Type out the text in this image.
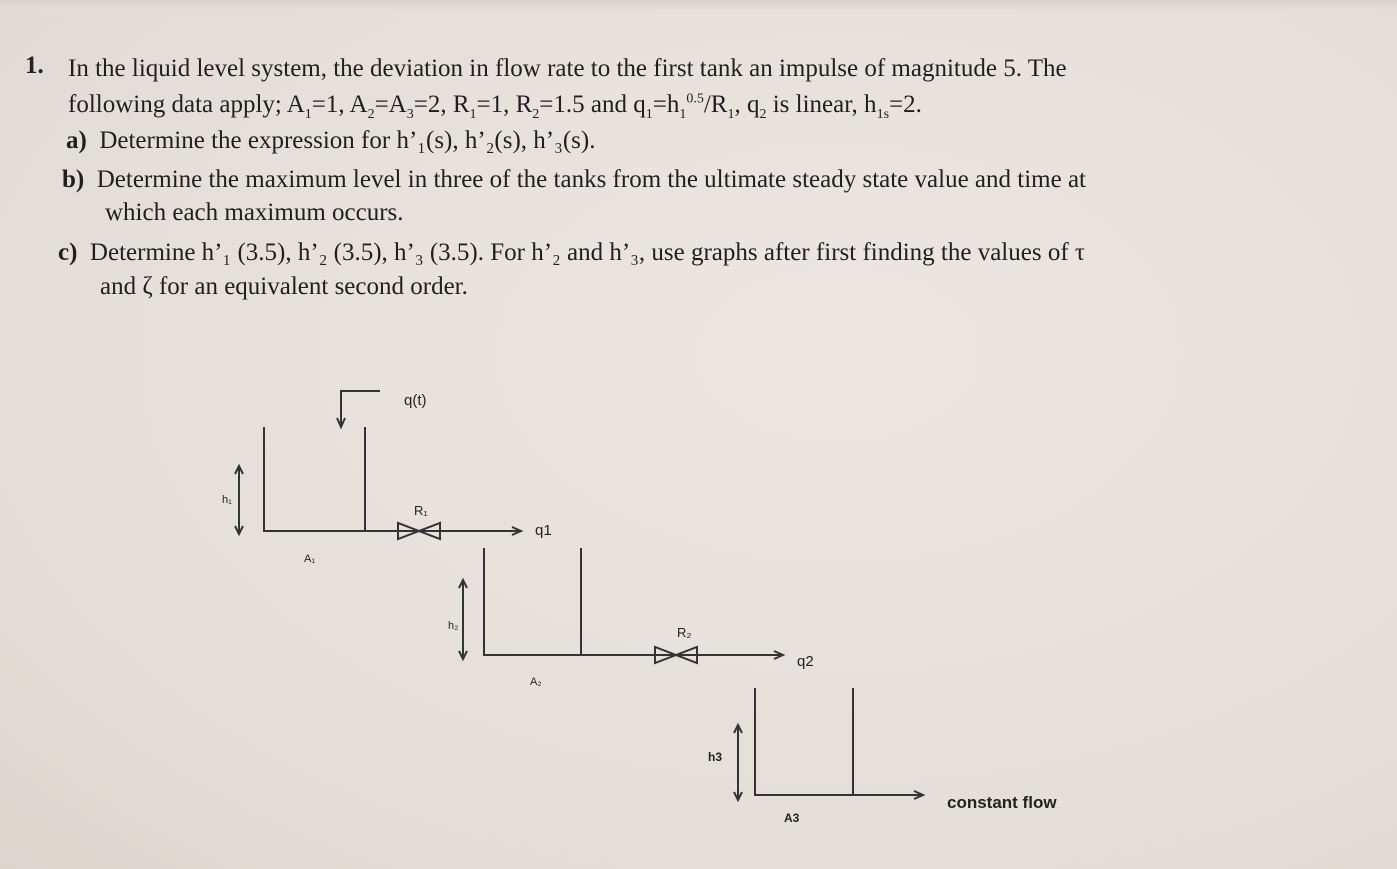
1. In the liquid level system, the deviation in flow rate to the first tank an impulse of magnitude 5. The

following data apply; $A_1=1$, $A_2=A_3=2$, $R_1=1$, $R_2=1.5$ and $q_1=h_1^{0.5}/R_1$, $q_2$ is linear, $h_{1s}=2$.

a) Determine the expression for h’₁(s), h’₂(s), h’₃(s).

b) Determine the maximum level in three of the tanks from the ultimate steady state value and time at

which each maximum occurs.

c) Determine h’₁ (3.5), h’₂ (3.5), h’₃ (3.5). For h’₂ and h’₃, use graphs after first finding the values of τ

and ζ for an equivalent second order.

q(t)
h₁
R₁
q1
A₁
h₂	R₂
q2
A₂
h3
A3
constant flow
